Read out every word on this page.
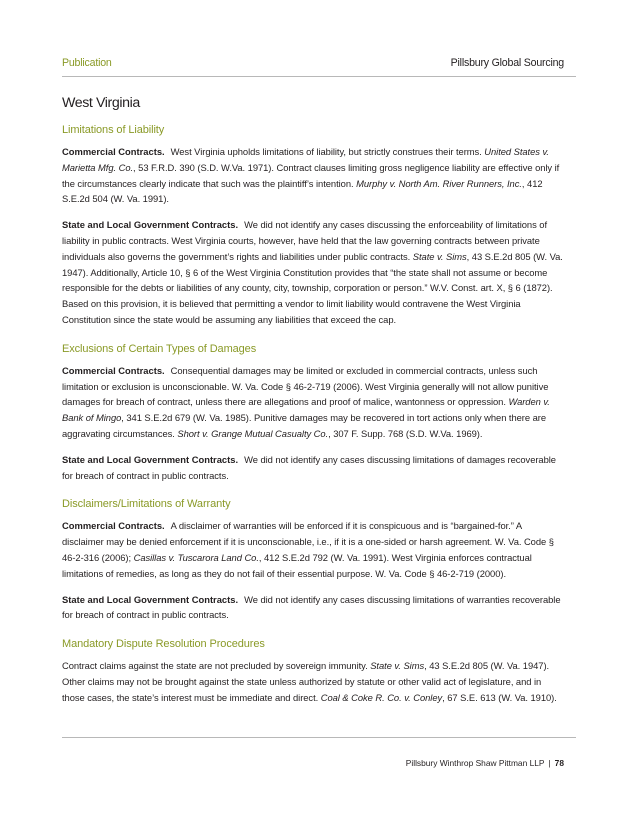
Publication	Pillsbury Global Sourcing
West Virginia
Limitations of Liability

Commercial Contracts. West Virginia upholds limitations of liability, but strictly construes their terms. United States v. Marietta Mfg. Co., 53 F.R.D. 390 (S.D. W.Va. 1971). Contract clauses limiting gross negligence liability are effective only if the circumstances clearly indicate that such was the plaintiff’s intention. Murphy v. North Am. River Runners, Inc., 412 S.E.2d 504 (W. Va. 1991).

State and Local Government Contracts. We did not identify any cases discussing the enforceability of limitations of liability in public contracts. West Virginia courts, however, have held that the law governing contracts between private individuals also governs the government’s rights and liabilities under public contracts. State v. Sims, 43 S.E.2d 805 (W. Va. 1947). Additionally, Article 10, § 6 of the West Virginia Constitution provides that “the state shall not assume or become responsible for the debts or liabilities of any county, city, township, corporation or person.” W.V. Const. art. X, § 6 (1872). Based on this provision, it is believed that permitting a vendor to limit liability would contravene the West Virginia Constitution since the state would be assuming any liabilities that exceed the cap.

Exclusions of Certain Types of Damages

Commercial Contracts. Consequential damages may be limited or excluded in commercial contracts, unless such limitation or exclusion is unconscionable. W. Va. Code § 46-2-719 (2006). West Virginia generally will not allow punitive damages for breach of contract, unless there are allegations and proof of malice, wantonness or oppression. Warden v. Bank of Mingo, 341 S.E.2d 679 (W. Va. 1985). Punitive damages may be recovered in tort actions only when there are aggravating circumstances. Short v. Grange Mutual Casualty Co., 307 F. Supp. 768 (S.D. W.Va. 1969).

State and Local Government Contracts. We did not identify any cases discussing limitations of damages recoverable for breach of contract in public contracts.

Disclaimers/Limitations of Warranty

Commercial Contracts. A disclaimer of warranties will be enforced if it is conspicuous and is “bargained-for.” A disclaimer may be denied enforcement if it is unconscionable, i.e., if it is a one-sided or harsh agreement. W. Va. Code § 46-2-316 (2006); Casillas v. Tuscarora Land Co., 412 S.E.2d 792 (W. Va. 1991). West Virginia enforces contractual limitations of remedies, as long as they do not fail of their essential purpose. W. Va. Code § 46-2-719 (2000).

State and Local Government Contracts. We did not identify any cases discussing limitations of warranties recoverable for breach of contract in public contracts.

Mandatory Dispute Resolution Procedures

Contract claims against the state are not precluded by sovereign immunity. State v. Sims, 43 S.E.2d 805 (W. Va. 1947). Other claims may not be brought against the state unless authorized by statute or other valid act of legislature, and in those cases, the state’s interest must be immediate and direct. Coal & Coke R. Co. v. Conley, 67 S.E. 613 (W. Va. 1910).

Pillsbury Winthrop Shaw Pittman LLP | 78
